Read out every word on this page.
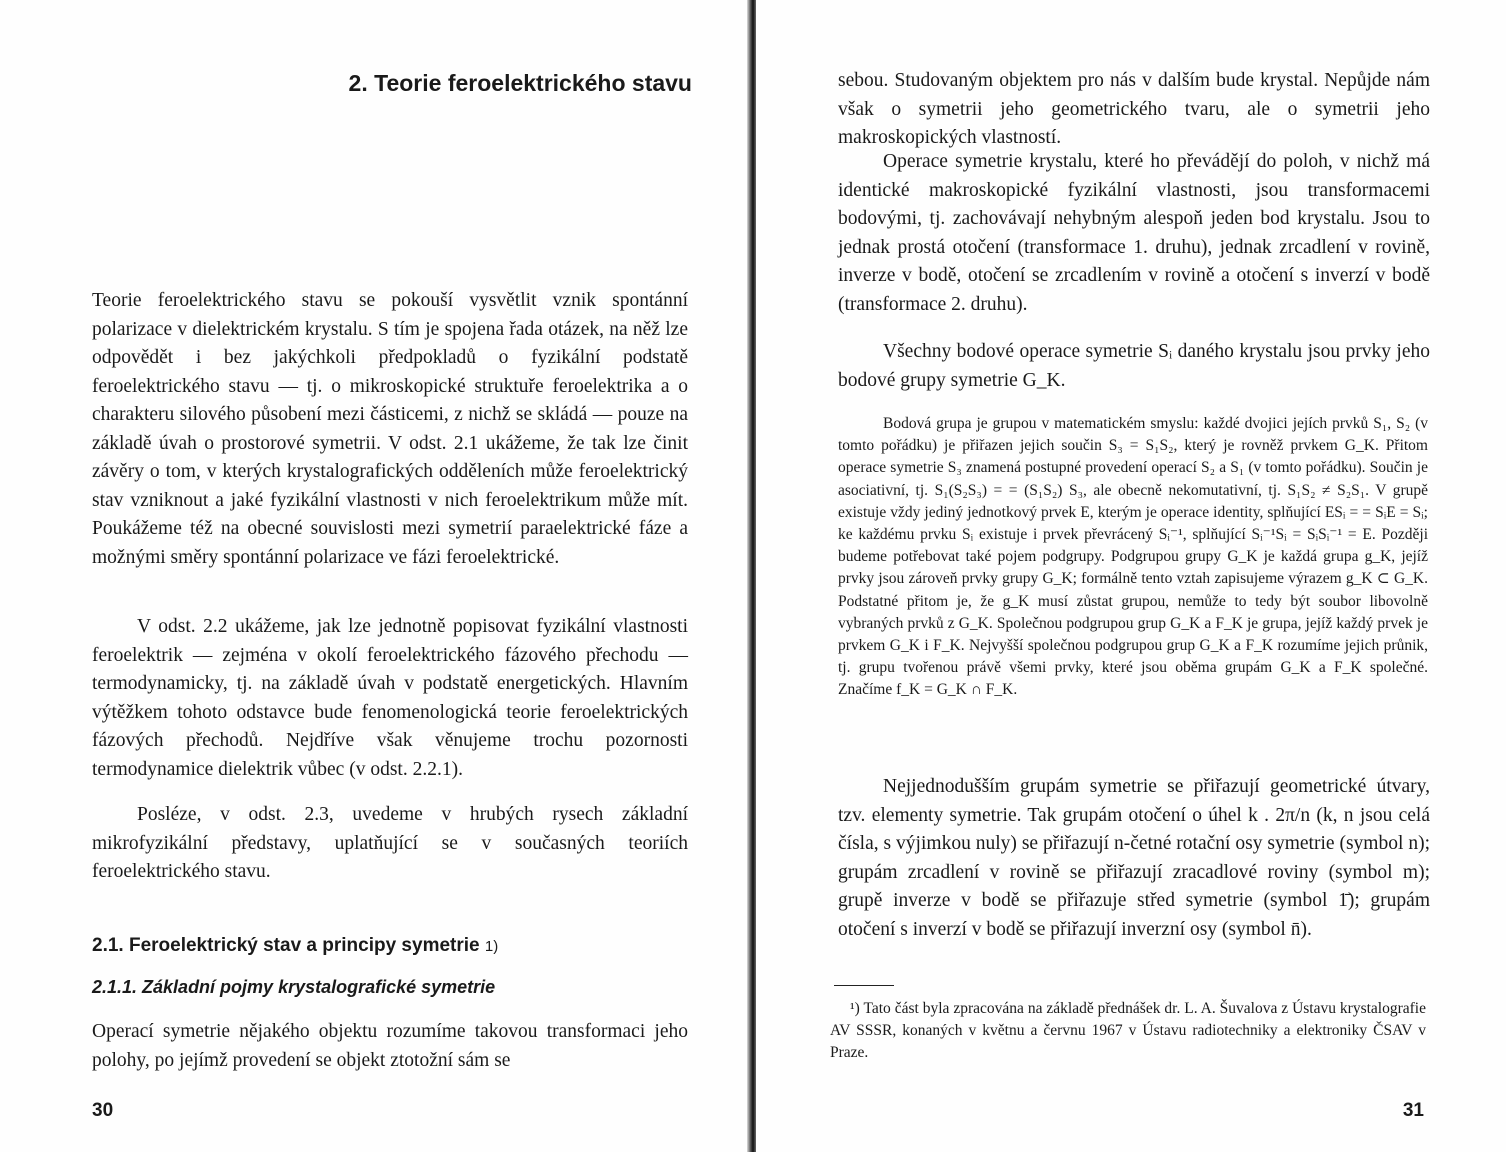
2. Teorie feroelektrického stavu

Teorie feroelektrického stavu se pokouší vysvětlit vznik spontánní polarizace v dielektrickém krystalu. S tím je spojena řada otázek, na něž lze odpovědět i bez jakýchkoli předpokladů o fyzikální podstatě feroelektrického stavu — tj. o mikroskopické struktuře feroelektrika a o charakteru silového působení mezi částicemi, z nichž se skládá — pouze na základě úvah o prostorové symetrii. V odst. 2.1 ukážeme, že tak lze činit závěry o tom, v kterých krystalografických odděleních může feroelektrický stav vzniknout a jaké fyzikální vlastnosti v nich feroelektrikum může mít. Poukážeme též na obecné souvislosti mezi symetrií paraelektrické fáze a možnými směry spontánní polarizace ve fázi feroelektrické.

V odst. 2.2 ukážeme, jak lze jednotně popisovat fyzikální vlastnosti feroelektrik — zejména v okolí feroelektrického fázového přechodu — termodynamicky, tj. na základě úvah v podstatě energetických. Hlavním výtěžkem tohoto odstavce bude fenomenologická teorie feroelektrických fázových přechodů. Nejdříve však věnujeme trochu pozornosti termodynamice dielektrik vůbec (v odst. 2.2.1).

Posléze, v odst. 2.3, uvedeme v hrubých rysech základní mikrofyzikální představy, uplatňující se v současných teoriích feroelektrického stavu.

2.1. Feroelektrický stav a principy symetrie 1)
2.1.1. Základní pojmy krystalografické symetrie

Operací symetrie nějakého objektu rozumíme takovou transformaci jeho polohy, po jejímž provedení se objekt ztotožní sám se

30

sebou. Studovaným objektem pro nás v dalším bude krystal. Nepůjde nám však o symetrii jeho geometrického tvaru, ale o symetrii jeho makroskopických vlastností.

Operace symetrie krystalu, které ho převádějí do poloh, v nichž má identické makroskopické fyzikální vlastnosti, jsou transformacemi bodovými, tj. zachovávají nehybným alespoň jeden bod krystalu. Jsou to jednak prostá otočení (transformace 1. druhu), jednak zrcadlení v rovině, inverze v bodě, otočení se zrcadlením v rovině a otočení s inverzí v bodě (transformace 2. druhu).

Všechny bodové operace symetrie Sᵢ daného krystalu jsou prvky jeho bodové grupy symetrie G_K.

Bodová grupa je grupou v matematickém smyslu: každé dvojici jejích prvků S₁, S₂ (v tomto pořádku) je přiřazen jejich součin S₃ = S₁S₂, který je rovněž prvkem G_K. Přitom operace symetrie S₃ znamená postupné provedení operací S₂ a S₁ (v tomto pořádku). Součin je asociativní, tj. S₁(S₂S₃) = = (S₁S₂) S₃, ale obecně nekomutativní, tj. S₁S₂ ≠ S₂S₁. V grupě existuje vždy jediný jednotkový prvek E, kterým je operace identity, splňující ESᵢ = = SᵢE = Sᵢ; ke každému prvku Sᵢ existuje i prvek převrácený Sᵢ⁻¹, splňující Sᵢ⁻¹Sᵢ = SᵢSᵢ⁻¹ = E. Později budeme potřebovat také pojem podgrupy. Podgrupou grupy G_K je každá grupa g_K, jejíž prvky jsou zároveň prvky grupy G_K; formálně tento vztah zapisujeme výrazem g_K ⊂ G_K. Podstatné přitom je, že g_K musí zůstat grupou, nemůže to tedy být soubor libovolně vybraných prvků z G_K. Společnou podgrupou grup G_K a F_K je grupa, jejíž každý prvek je prvkem G_K i F_K. Nejvyšší společnou podgrupou grup G_K a F_K rozumíme jejich průnik, tj. grupu tvořenou právě všemi prvky, které jsou oběma grupám G_K a F_K společné. Značíme f_K = G_K ∩ F_K.

Nejjednodušším grupám symetrie se přiřazují geometrické útvary, tzv. elementy symetrie. Tak grupám otočení o úhel k . 2π/n (k, n jsou celá čísla, s výjimkou nuly) se přiřazují n-četné rotační osy symetrie (symbol n); grupám zrcadlení v rovině se přiřazují zracadlové roviny (symbol m); grupě inverze v bodě se přiřazuje střed symetrie (symbol 1̄); grupám otočení s inverzí v bodě se přiřazují inverzní osy (symbol n̄).

¹) Tato část byla zpracována na základě přednášek dr. L. A. Šuvalova z Ústavu krystalografie AV SSSR, konaných v květnu a červnu 1967 v Ústavu radiotechniky a elektroniky ČSAV v Praze.

31
